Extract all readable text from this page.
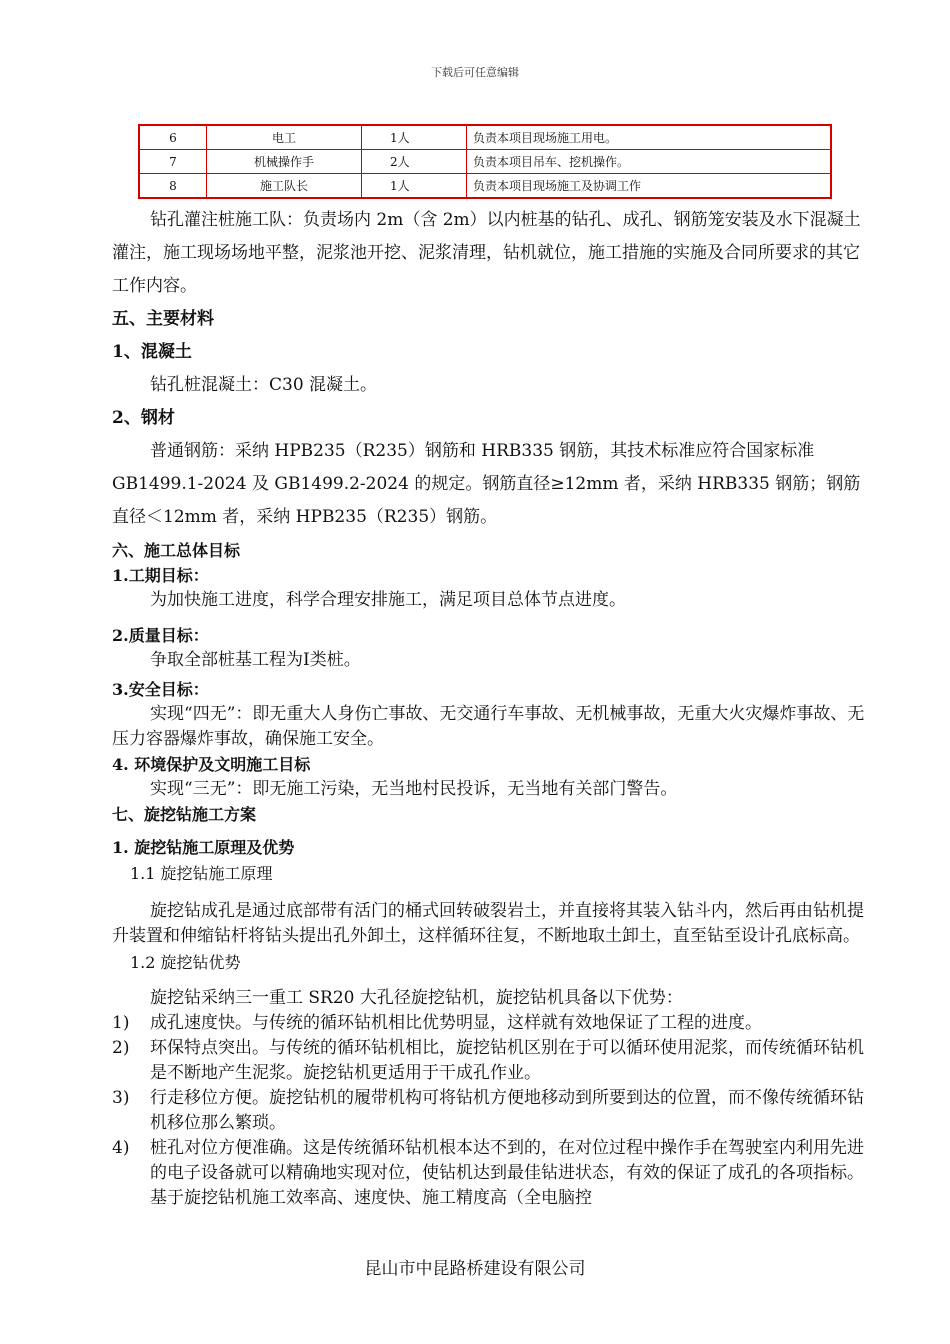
下载后可任意编辑
6	电工	1人	负责本项目现场施工用电。
7	机械操作手	2人	负责本项目吊车、挖机操作。
8	施工队长	1人	负责本项目现场施工及协调工作

钻孔灌注桩施工队：负责场内 2m（含 2m）以内桩基的钻孔、成孔、钢筋笼安装及水下混凝土灌注，施工现场场地平整，泥浆池开挖、泥浆清理，钻机就位，施工措施的实施及合同所要求的其它工作内容。

五、主要材料

1、混凝土

钻孔桩混凝土：C30 混凝土。

2、钢材

普通钢筋：采纳 HPB235（R235）钢筋和 HRB335 钢筋，其技术标准应符合国家标准 GB1499.1-2024 及 GB1499.2-2024 的规定。钢筋直径≥12mm 者，采纳 HRB335 钢筋；钢筋直径＜12mm 者，采纳 HPB235（R235）钢筋。

六、施工总体目标

1.工期目标：

为加快施工进度，科学合理安排施工，满足项目总体节点进度。

2.质量目标：

争取全部桩基工程为Ⅰ类桩。

3.安全目标：

实现“四无”：即无重大人身伤亡事故、无交通行车事故、无机械事故，无重大火灾爆炸事故、无压力容器爆炸事故，确保施工安全。

4. 环境保护及文明施工目标

实现“三无”：即无施工污染，无当地村民投诉，无当地有关部门警告。

七、旋挖钻施工方案

1. 旋挖钻施工原理及优势

1.1 旋挖钻施工原理

旋挖钻成孔是通过底部带有活门的桶式回转破裂岩土，并直接将其装入钻斗内，然后再由钻机提升装置和伸缩钻杆将钻头提出孔外卸土，这样循环往复，不断地取土卸土，直至钻至设计孔底标高。

1.2 旋挖钻优势

旋挖钻采纳三一重工 SR20 大孔径旋挖钻机，旋挖钻机具备以下优势：

1) 成孔速度快。与传统的循环钻机相比优势明显，这样就有效地保证了工程的进度。
2) 环保特点突出。与传统的循环钻机相比，旋挖钻机区别在于可以循环使用泥浆，而传统循环钻机是不断地产生泥浆。旋挖钻机更适用于干成孔作业。
3) 行走移位方便。旋挖钻机的履带机构可将钻机方便地移动到所要到达的位置，而不像传统循环钻机移位那么繁琐。
4) 桩孔对位方便准确。这是传统循环钻机根本达不到的，在对位过程中操作手在驾驶室内利用先进的电子设备就可以精确地实现对位，使钻机达到最佳钻进状态，有效的保证了成孔的各项指标。基于旋挖钻机施工效率高、速度快、施工精度高（全电脑控
昆山市中昆路桥建设有限公司
